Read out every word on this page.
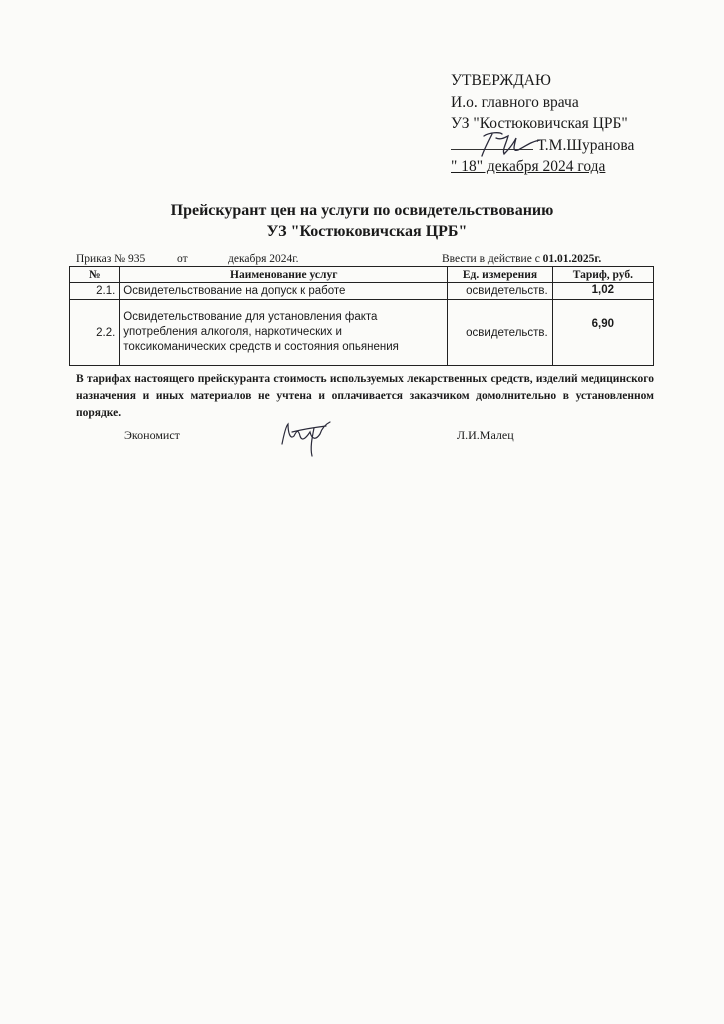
УТВЕРЖДАЮ
И.о. главного врача
УЗ "Костюковичская ЦРБ"
Т.М.Шуранова
" 18" декабря 2024 года
Прейскурант цен на услуги по освидетельствованию
УЗ "Костюковичская ЦРБ"
Приказ № 935	от	декабря 2024г.	Ввести в действие с 01.01.2025г.
№	Наименование услуг	Ед. измерения	Тариф, руб.
2.1.	Освидетельствование на допуск к работе	освидетельств.	1,02
2.2.	Освидетельствование для установления факта употребления алкоголя, наркотических и токсикоманических средств и состояния опьянения	освидетельств.	6,90
В тарифах настоящего прейскуранта стоимость используемых лекарственных средств, изделий медицинского назначения и иных материалов не учтена и оплачивается заказчиком домолнительно в установленном порядке.
Экономист	Л.И.Малец
